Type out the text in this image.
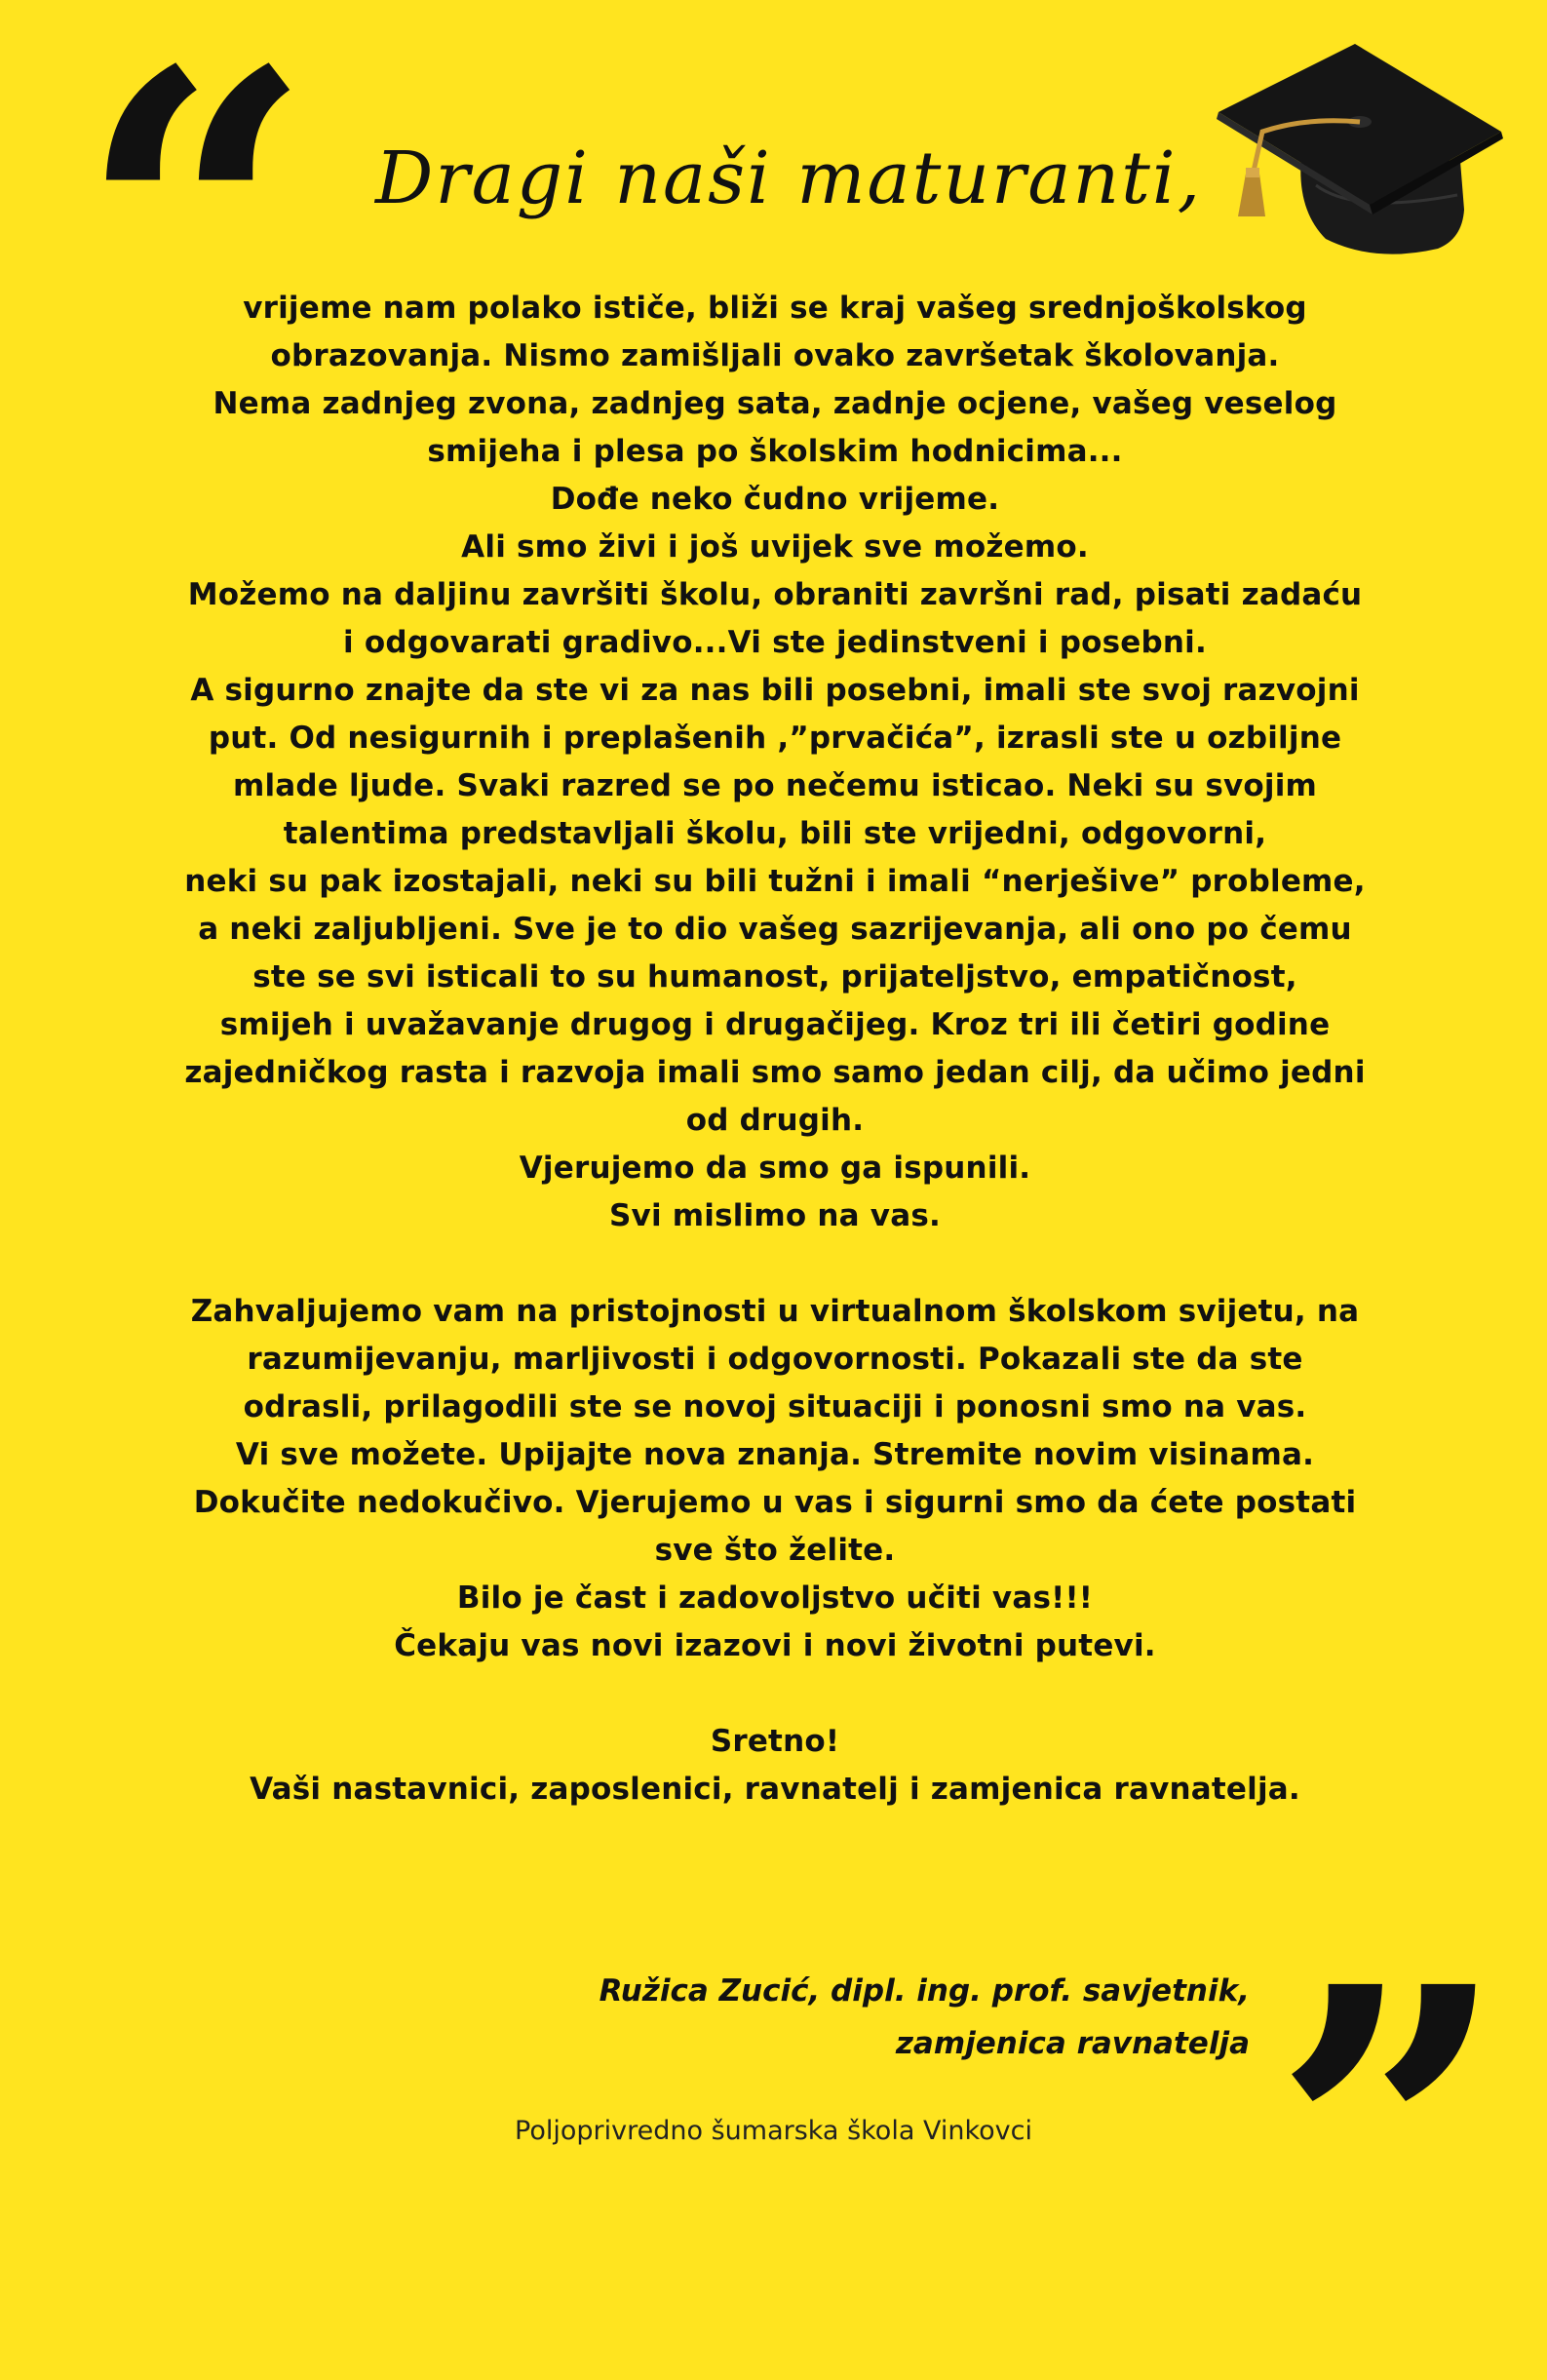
“ Dragi naši maturanti,
vrijeme nam polako ističe, bliži se kraj vašeg srednjoškolskog
obrazovanja. Nismo zamišljali ovako završetak školovanja.
Nema zadnjeg zvona, zadnjeg sata, zadnje ocjene, vašeg veselog
smijeha i plesa po školskim hodnicima...
Dođe neko čudno vrijeme.
Ali smo živi i još uvijek sve možemo.
Možemo na daljinu završiti školu, obraniti završni rad, pisati zadaću
i odgovarati gradivo...Vi ste jedinstveni i posebni.
A sigurno znajte da ste vi za nas bili posebni, imali ste svoj razvojni
put. Od nesigurnih i preplašenih ,”prvačića”, izrasli ste u ozbiljne
mlade ljude. Svaki razred se po nečemu isticao. Neki su svojim
talentima predstavljali školu, bili ste vrijedni, odgovorni,
neki su pak izostajali, neki su bili tužni i imali “nerješive” probleme,
a neki zaljubljeni. Sve je to dio vašeg sazrijevanja, ali ono po čemu
ste se svi isticali to su humanost, prijateljstvo, empatičnost,
smijeh i uvažavanje drugog i drugačijeg. Kroz tri ili četiri godine
zajedničkog rasta i razvoja imali smo samo jedan cilj, da učimo jedni
od drugih.
Vjerujemo da smo ga ispunili.
Svi mislimo na vas.
Zahvaljujemo vam na pristojnosti u virtualnom školskom svijetu, na
razumijevanju, marljivosti i odgovornosti. Pokazali ste da ste
odrasli, prilagodili ste se novoj situaciji i ponosni smo na vas.
Vi sve možete. Upijajte nova znanja. Stremite novim visinama.
Dokučite nedokučivo. Vjerujemo u vas i sigurni smo da ćete postati
sve što želite.
Bilo je čast i zadovoljstvo učiti vas!!!
Čekaju vas novi izazovi i novi životni putevi.
Sretno!
Vaši nastavnici, zaposlenici, ravnatelj i zamjenica ravnatelja.
Ružica Zucić, dipl. ing. prof. savjetnik,
zamjenica ravnatelja ”
Poljoprivredno šumarska škola Vinkovci
